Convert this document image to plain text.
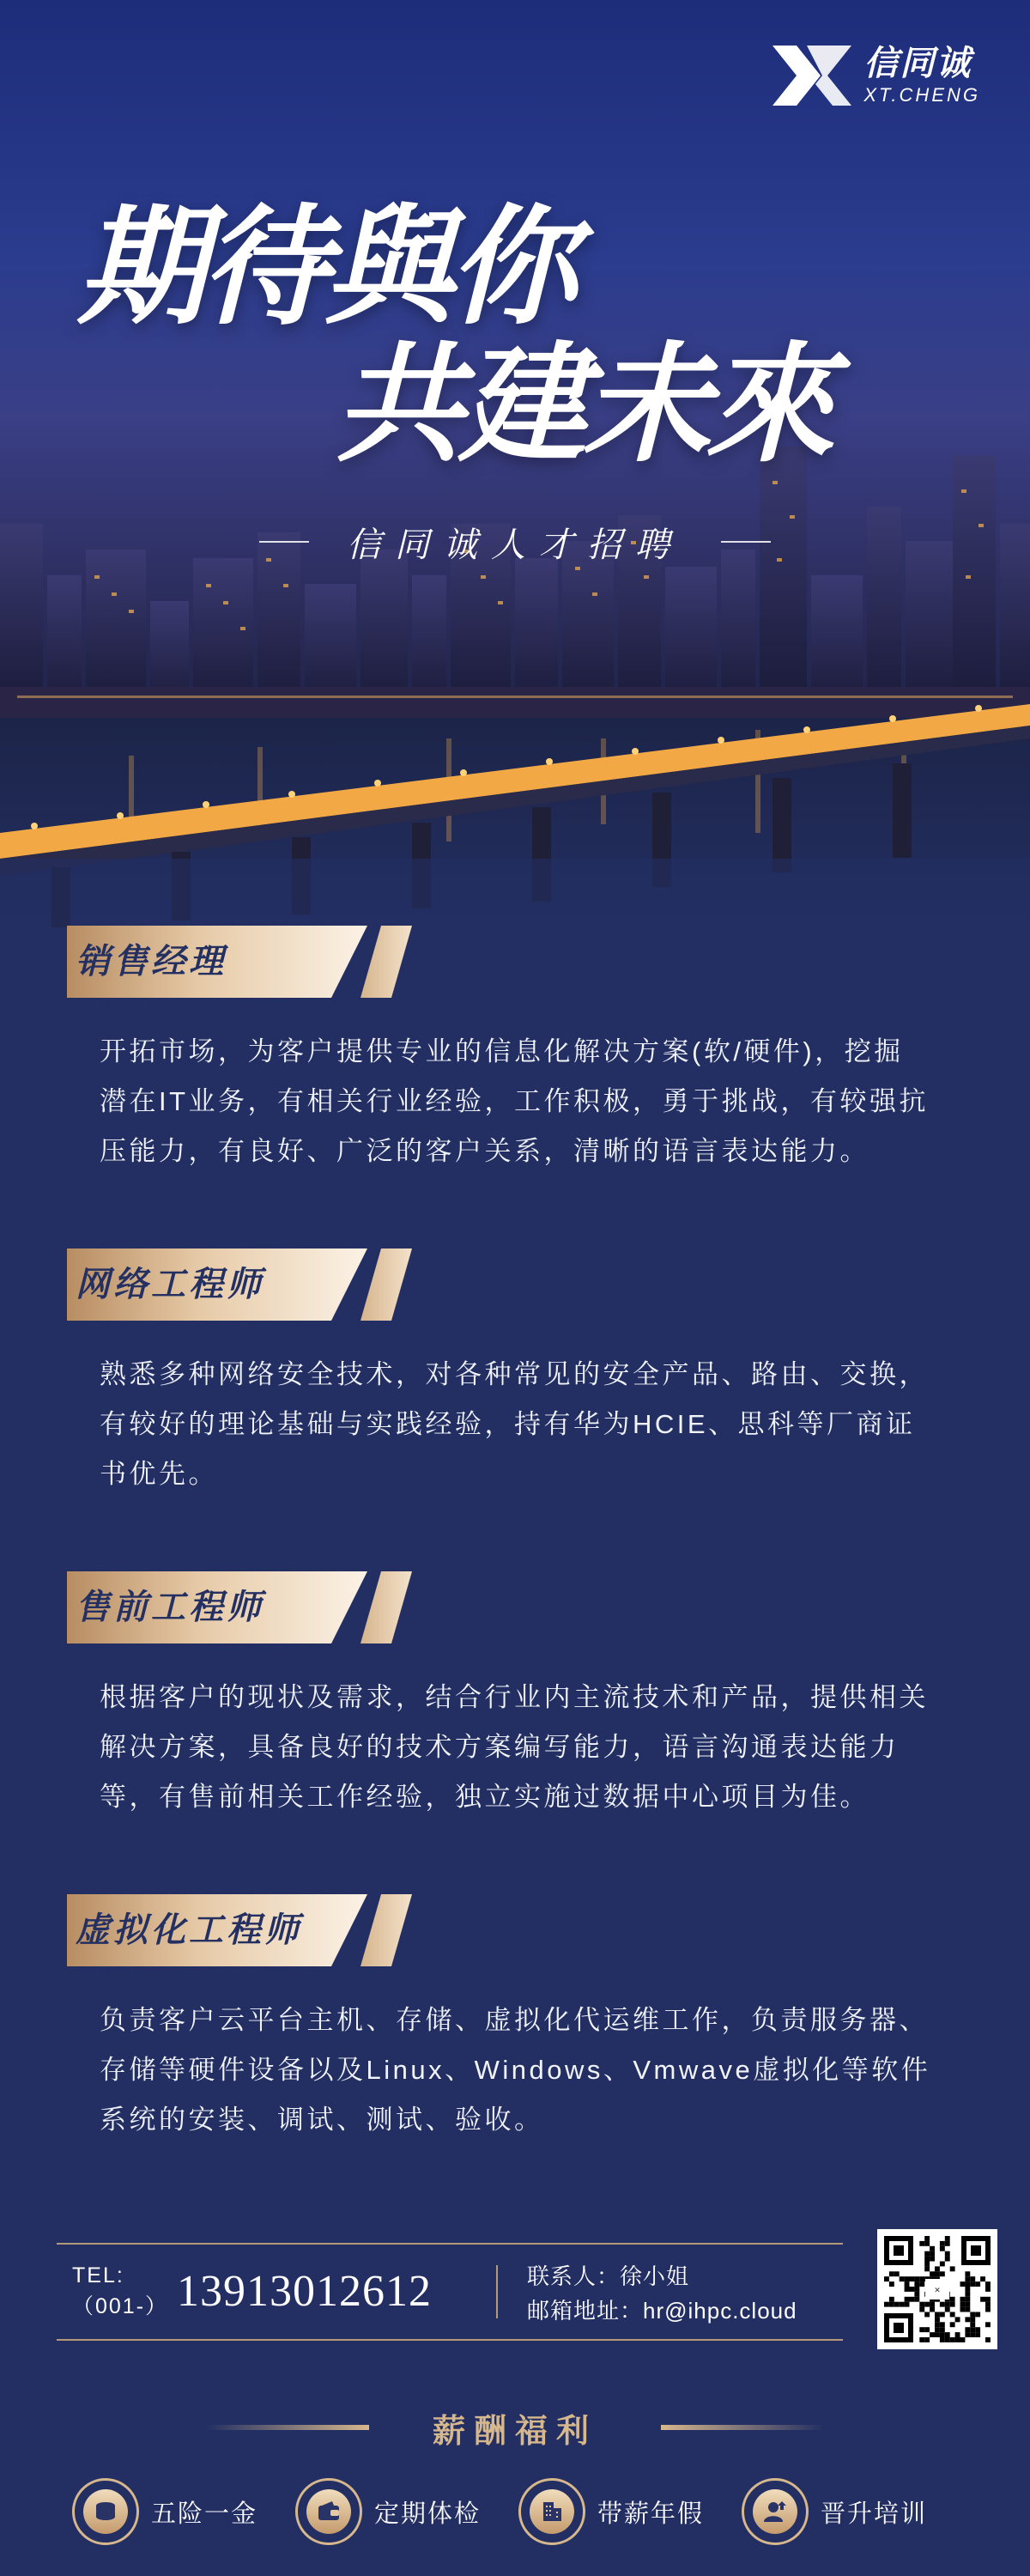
信同诚
XT.CHENG
期待與你
共建未來
信同诚人才招聘
销售经理
开拓市场，为客户提供专业的信息化解决方案(软/硬件)，挖掘潜在IT业务，有相关行业经验，工作积极，勇于挑战，有较强抗压能力，有良好、广泛的客户关系，清晰的语言表达能力。
网络工程师
熟悉多种网络安全技术，对各种常见的安全产品、路由、交换，有较好的理论基础与实践经验，持有华为HCIE、思科等厂商证书优先。
售前工程师
根据客户的现状及需求，结合行业内主流技术和产品，提供相关解决方案，具备良好的技术方案编写能力，语言沟通表达能力等，有售前相关工作经验，独立实施过数据中心项目为佳。
虚拟化工程师
负责客户云平台主机、存储、虚拟化代运维工作，负责服务器、存储等硬件设备以及Linux、Windows、Vmwave虚拟化等软件系统的安装、调试、测试、验收。
TEL:
（001-） 13913012612	联系人：徐小姐
邮箱地址：hr@ihpc.cloud
✕
薪酬福利
五险一金	定期体检	带薪年假	晋升培训
